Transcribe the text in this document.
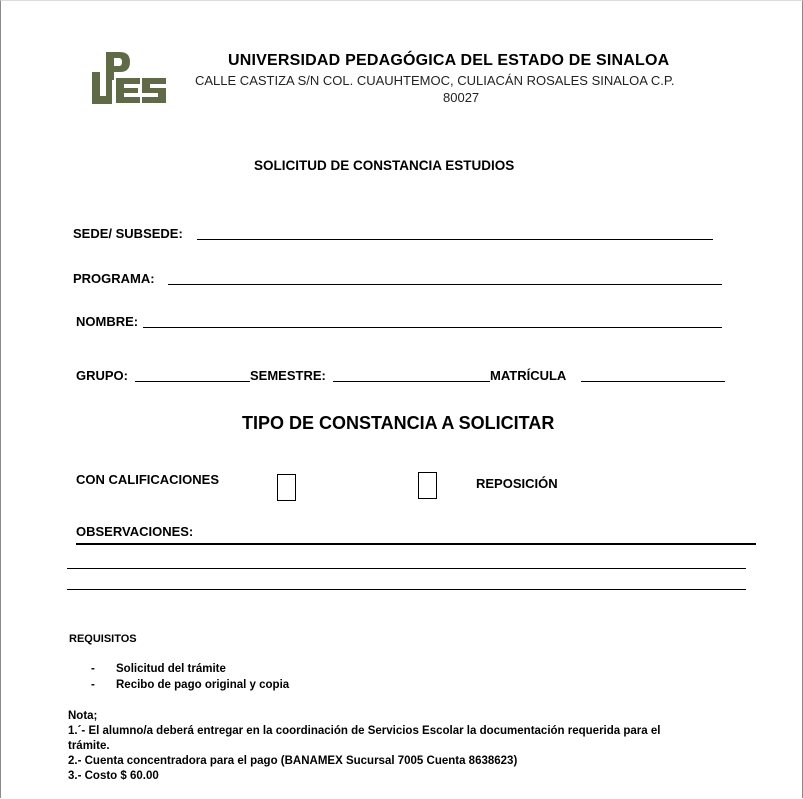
UNIVERSIDAD PEDAGÓGICA DEL ESTADO DE SINALOA
CALLE CASTIZA S/N COL. CUAUHTEMOC, CULIACÁN ROSALES SINALOA C.P.
80027
SOLICITUD DE CONSTANCIA ESTUDIOS
SEDE/ SUBSEDE:
PROGRAMA:
NOMBRE:
GRUPO:	SEMESTRE:	MATRÍCULA
TIPO DE CONSTANCIA A SOLICITAR
CON CALIFICACIONES	REPOSICIÓN
OBSERVACIONES:
REQUISITOS
- Solicitud del trámite
- Recibo de pago original y copia
Nota;
1.´- El alumno/a deberá entregar en la coordinación de Servicios Escolar la documentación requerida para el
trámite.
2.- Cuenta concentradora para el pago (BANAMEX Sucursal 7005 Cuenta 8638623)
3.- Costo $ 60.00
